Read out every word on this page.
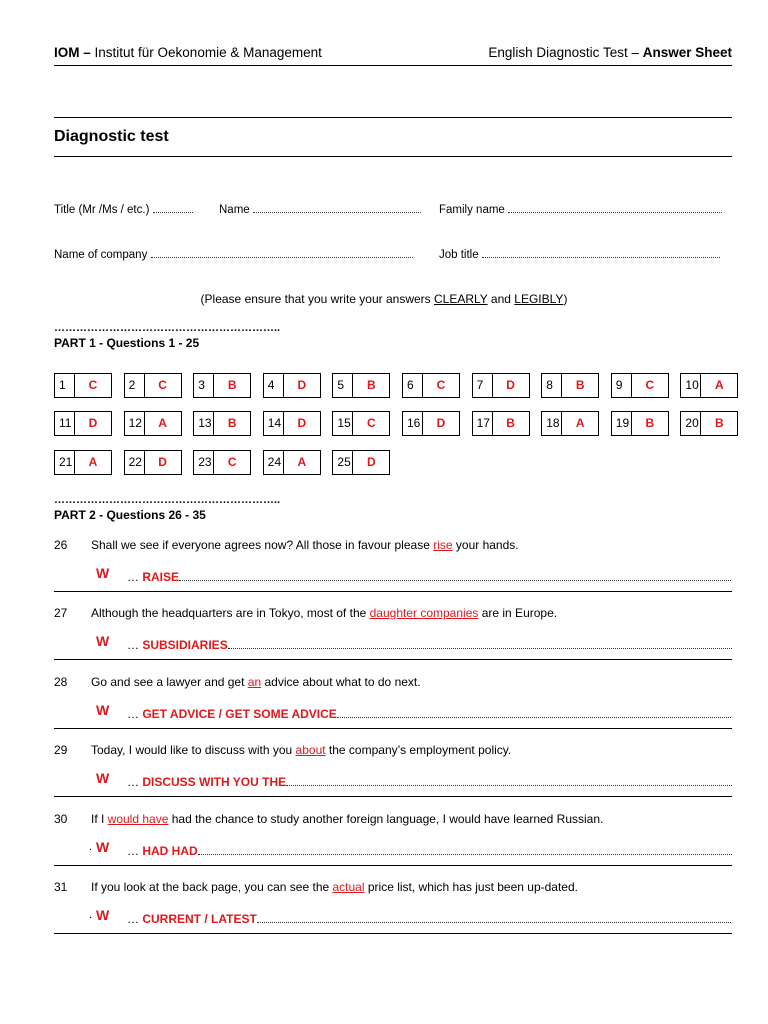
IOM – Institut für Oekonomie & Management	English Diagnostic Test – Answer Sheet
Diagnostic test
Title (Mr /Ms / etc.)	Name	Family name
Name of company	Job title
(Please ensure that you write your answers CLEARLY and LEGIBLY)
……………………………………………………..
PART 1 - Questions 1 - 25
1	C	2	C	3	B	4	D	5	B	6	C	7	D	8	B	9	C	10	A
11	D	12	A	13	B	14	D	15	C	16	D	17	B	18	A	19	B	20	B
21	A	22	D	23	C	24	A	25	D
……………………………………………………..
PART 2 - Questions 26 - 35
26 Shall we see if everyone agrees now? All those in favour please rise your hands.
W … RAISE
27 Although the headquarters are in Tokyo, most of the daughter companies are in Europe.
W … SUBSIDIARIES
28 Go and see a lawyer and get an advice about what to do next.
W … GET ADVICE / GET SOME ADVICE
29 Today, I would like to discuss with you about the company’s employment policy.
W … DISCUSS WITH YOU THE
30 If I would have had the chance to study another foreign language, I would have learned Russian.
. W … HAD HAD
31 If you look at the back page, you can see the actual price list, which has just been up-dated.
. W … CURRENT / LATEST
